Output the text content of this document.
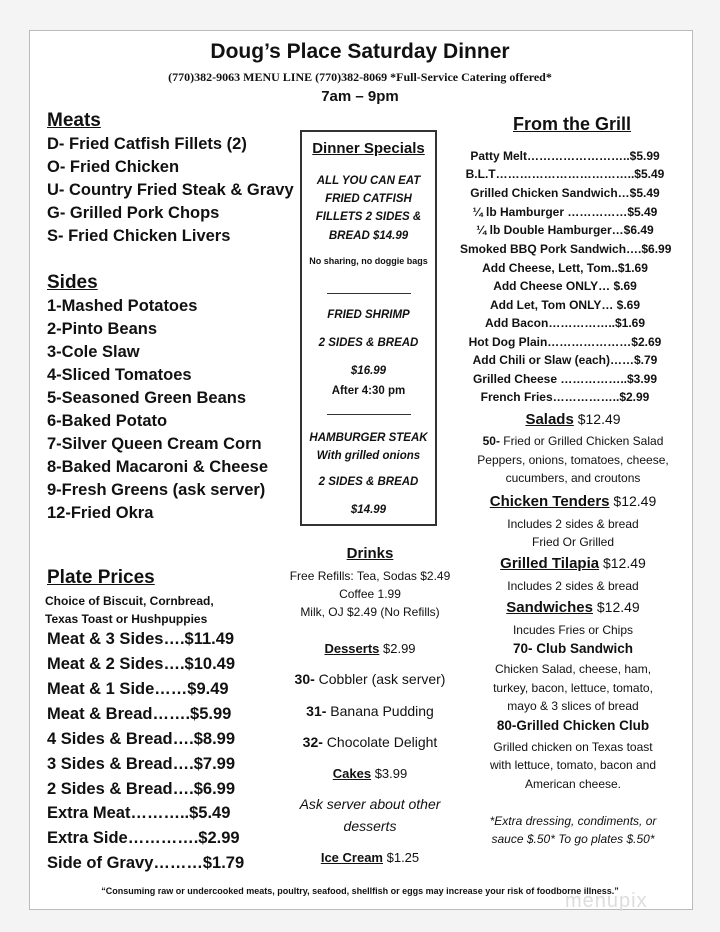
Doug’s Place Saturday Dinner
(770)382-9063 MENU LINE (770)382-8069 *Full-Service Catering offered*
7am – 9pm
Meats
D- Fried Catfish Fillets (2)
O- Fried Chicken
U- Country Fried Steak & Gravy
G- Grilled Pork Chops
S- Fried Chicken Livers
Sides
1-Mashed Potatoes
2-Pinto Beans
3-Cole Slaw
4-Sliced Tomatoes
5-Seasoned Green Beans
6-Baked Potato
7-Silver Queen Cream Corn
8-Baked Macaroni & Cheese
9-Fresh Greens (ask server)
12-Fried Okra
Plate Prices
Choice of Biscuit, Cornbread,
Texas Toast or Hushpuppies
Meat & 3 Sides….$11.49
Meat & 2 Sides….$10.49
Meat & 1 Side……$9.49
Meat & Bread…….$5.99
4 Sides & Bread….$8.99
3 Sides & Bread….$7.99
2 Sides & Bread….$6.99
Extra Meat………..$5.49
Extra Side………….$2.99
Side of Gravy………$1.79
Dinner Specials
ALL YOU CAN EAT
FRIED CATFISH
FILLETS 2 SIDES &
BREAD $14.99
No sharing, no doggie bags
FRIED SHRIMP
2 SIDES & BREAD
$16.99
After 4:30 pm
HAMBURGER STEAK
With grilled onions
2 SIDES & BREAD
$14.99
Drinks
Free Refills: Tea, Sodas $2.49
Coffee 1.99
Milk, OJ $2.49 (No Refills)
Desserts $2.99
30- Cobbler (ask server)
31- Banana Pudding
32- Chocolate Delight
Cakes $3.99
Ask server about other
desserts
Ice Cream $1.25
From the Grill
Patty Melt……………………..$5.99
B.L.T……………………………..$5.49
Grilled Chicken Sandwich…$5.49
¼ lb Hamburger ……………$5.49
¼ lb Double Hamburger…$6.49
Smoked BBQ Pork Sandwich….$6.99
Add Cheese, Lett, Tom..$1.69
Add Cheese ONLY… $.69
Add Let, Tom ONLY… $.69
Add Bacon……………..$1.69
Hot Dog Plain…………………$2.69
Add Chili or Slaw (each)……$.79
Grilled Cheese ……………..$3.99
French Fries……………..$2.99
Salads $12.49
50- Fried or Grilled Chicken Salad
Peppers, onions, tomatoes, cheese,
cucumbers, and croutons
Chicken Tenders $12.49
Includes 2 sides & bread
Fried Or Grilled
Grilled Tilapia $12.49
Includes 2 sides & bread
Sandwiches $12.49
Incudes Fries or Chips
70- Club Sandwich
Chicken Salad, cheese, ham,
turkey, bacon, lettuce, tomato,
mayo & 3 slices of bread
80-Grilled Chicken Club
Grilled chicken on Texas toast
with lettuce, tomato, bacon and
American cheese.
*Extra dressing, condiments, or
sauce $.50* To go plates $.50*
“Consuming raw or undercooked meats, poultry, seafood, shellfish or eggs may increase your risk of foodborne illness.”
menupix
